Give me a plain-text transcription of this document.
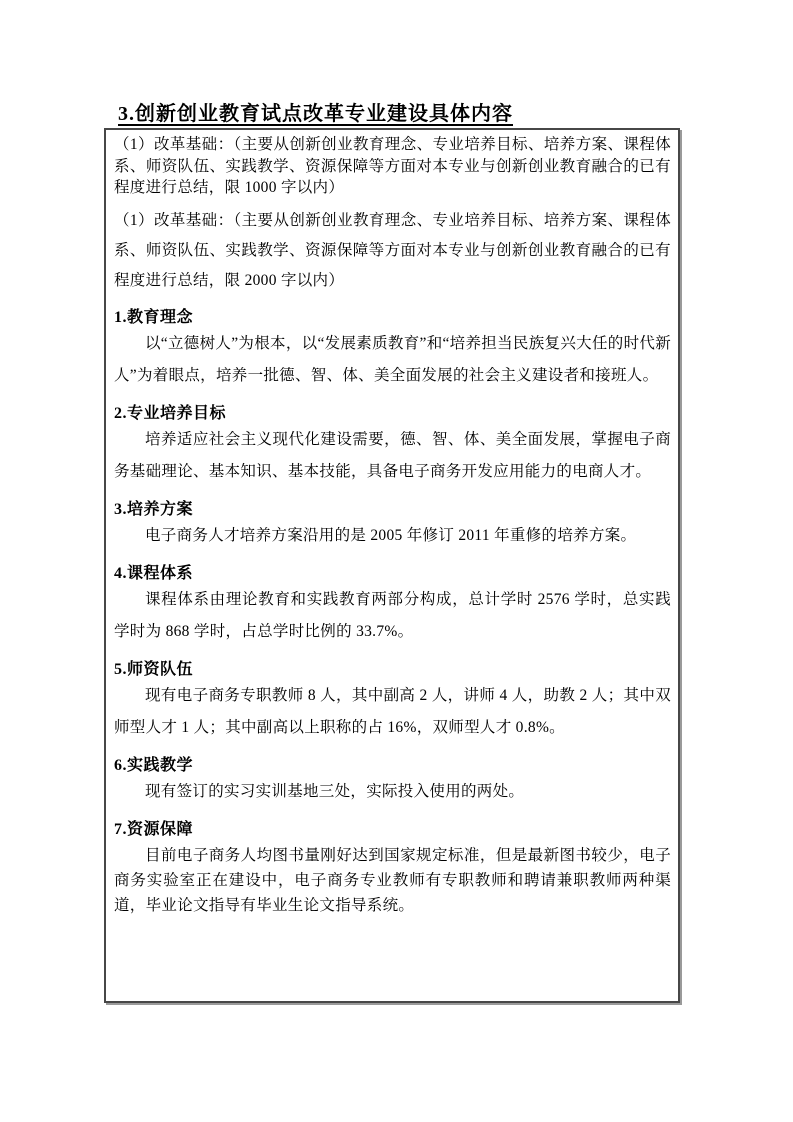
3.创新创业教育试点改革专业建设具体内容

（1）改革基础：（主要从创新创业教育理念、专业培养目标、培养方案、课程体系、师资队伍、实践教学、资源保障等方面对本专业与创新创业教育融合的已有程度进行总结，限 1000 字以内）

（1）改革基础：（主要从创新创业教育理念、专业培养目标、培养方案、课程体系、师资队伍、实践教学、资源保障等方面对本专业与创新创业教育融合的已有程度进行总结，限 2000 字以内）

1.教育理念

以“立德树人”为根本，以“发展素质教育”和“培养担当民族复兴大任的时代新人”为着眼点，培养一批德、智、体、美全面发展的社会主义建设者和接班人。

2.专业培养目标

培养适应社会主义现代化建设需要，德、智、体、美全面发展，掌握电子商务基础理论、基本知识、基本技能，具备电子商务开发应用能力的电商人才。

3.培养方案

电子商务人才培养方案沿用的是 2005 年修订 2011 年重修的培养方案。

4.课程体系

课程体系由理论教育和实践教育两部分构成，总计学时 2576 学时，总实践学时为 868 学时，占总学时比例的 33.7%。

5.师资队伍

现有电子商务专职教师 8 人，其中副高 2 人，讲师 4 人，助教 2 人；其中双师型人才 1 人；其中副高以上职称的占 16%，双师型人才 0.8%。

6.实践教学

现有签订的实习实训基地三处，实际投入使用的两处。

7.资源保障

目前电子商务人均图书量刚好达到国家规定标准，但是最新图书较少，电子商务实验室正在建设中，电子商务专业教师有专职教师和聘请兼职教师两种渠道，毕业论文指导有毕业生论文指导系统。
